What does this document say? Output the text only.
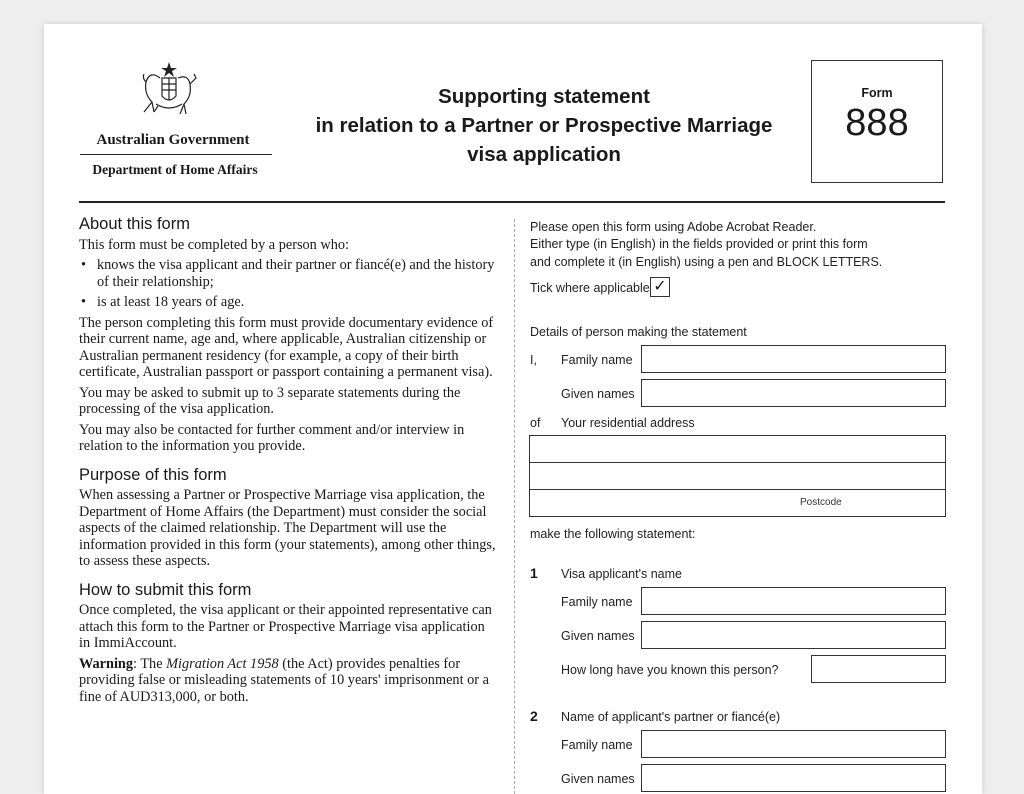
Australian Government
Department of Home Affairs
Supporting statement
in relation to a Partner or Prospective Marriage
visa application
Form
888
About this form

This form must be completed by a person who:

• knows the visa applicant and their partner or fiancé(e) and the history of their relationship;
• is at least 18 years of age.

The person completing this form must provide documentary evidence of their current name, age and, where applicable, Australian citizenship or Australian permanent residency (for example, a copy of their birth certificate, Australian passport or passport containing a permanent visa).

You may be asked to submit up to 3 separate statements during the processing of the visa application.

You may also be contacted for further comment and/or interview in relation to the information you provide.

Purpose of this form

When assessing a Partner or Prospective Marriage visa application, the Department of Home Affairs (the Department) must consider the social aspects of the claimed relationship. The Department will use the information provided in this form (your statements), among other things, to assess these aspects.

How to submit this form

Once completed, the visa applicant or their appointed representative can attach this form to the Partner or Prospective Marriage visa application in ImmiAccount.

Warning: The Migration Act 1958 (the Act) provides penalties for providing false or misleading statements of 10 years' imprisonment or a fine of AUD313,000, or both.

Please open this form using Adobe Acrobat Reader.
Either type (in English) in the fields provided or print this form
and complete it (in English) using a pen and BLOCK LETTERS.
Tick where applicable ✓
Details of person making the statement
I, Family name
Given names
of Your residential address
Postcode
make the following statement:
1 Visa applicant's name
Family name
Given names
How long have you known this person?
2 Name of applicant's partner or fiancé(e)
Family name
Given names
